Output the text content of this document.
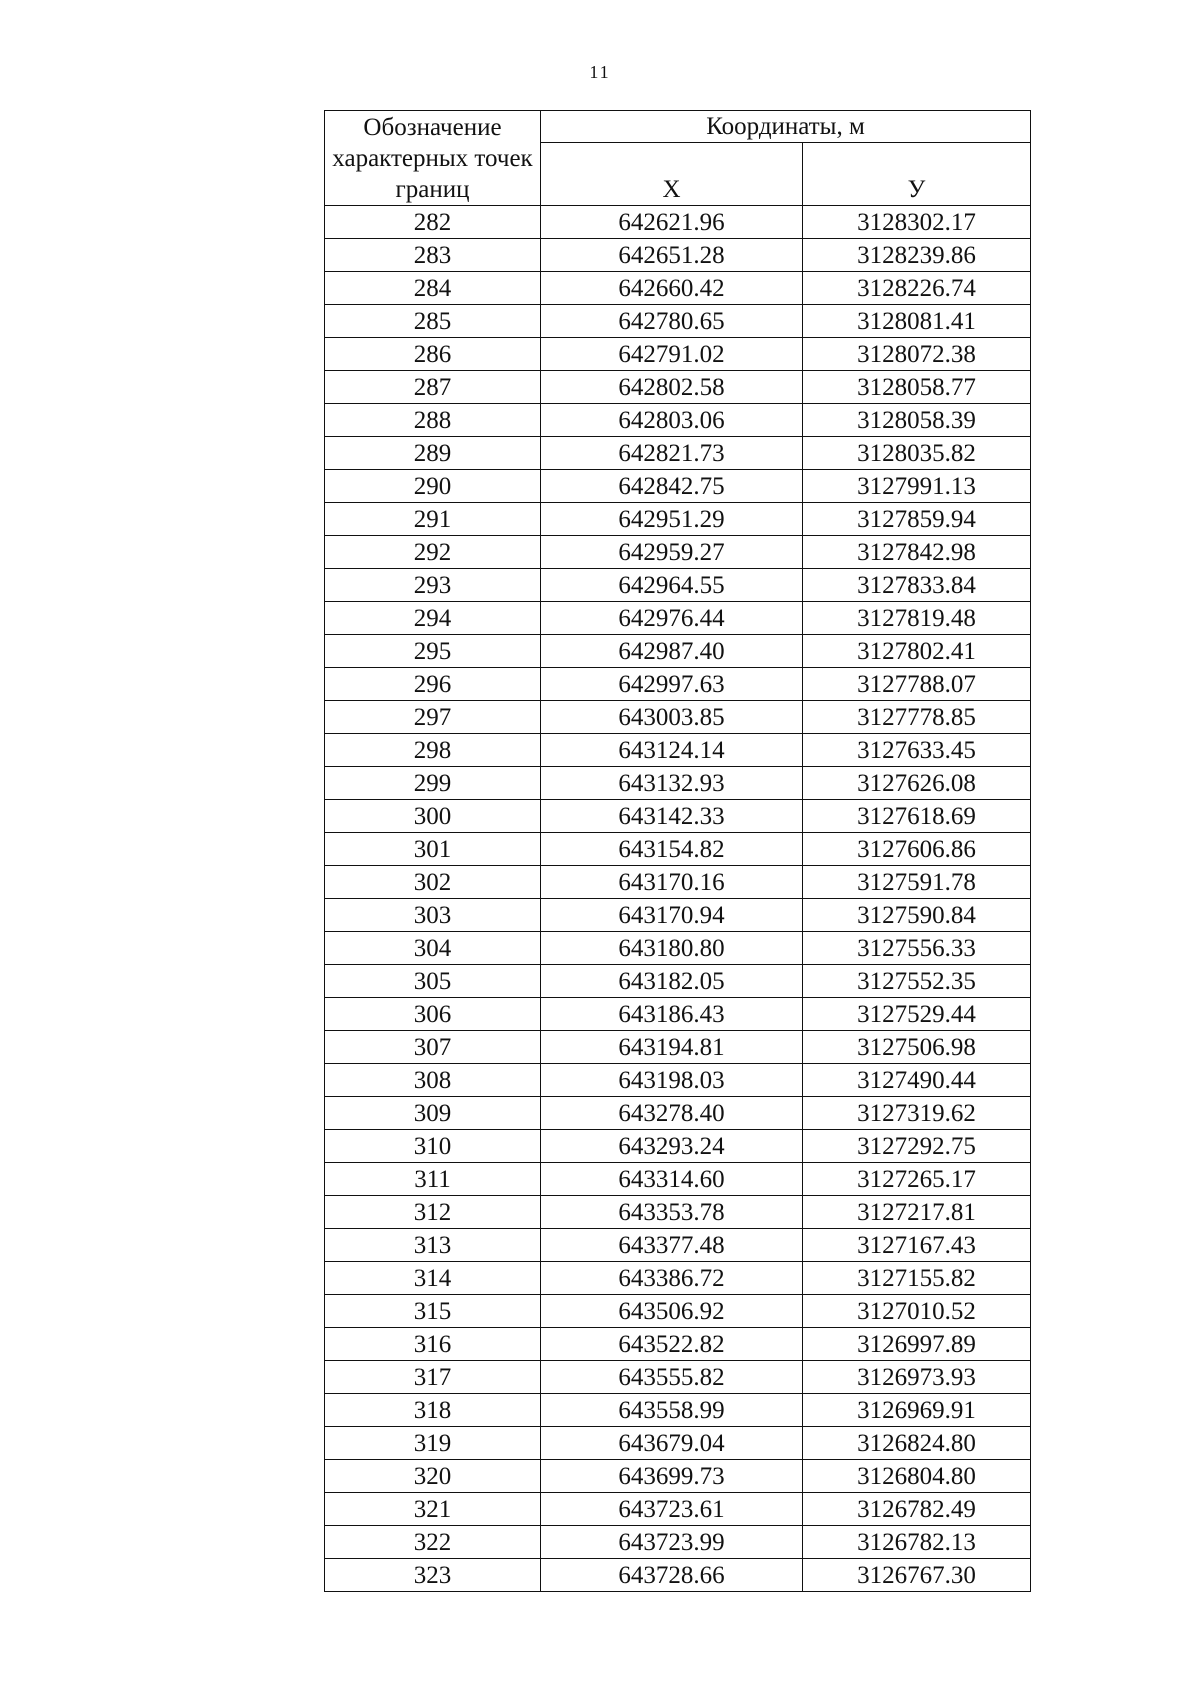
11
Обозначение характерных точек границ	Координаты, м	
	X	У
282	642621.96	3128302.17
283	642651.28	3128239.86
284	642660.42	3128226.74
285	642780.65	3128081.41
286	642791.02	3128072.38
287	642802.58	3128058.77
288	642803.06	3128058.39
289	642821.73	3128035.82
290	642842.75	3127991.13
291	642951.29	3127859.94
292	642959.27	3127842.98
293	642964.55	3127833.84
294	642976.44	3127819.48
295	642987.40	3127802.41
296	642997.63	3127788.07
297	643003.85	3127778.85
298	643124.14	3127633.45
299	643132.93	3127626.08
300	643142.33	3127618.69
301	643154.82	3127606.86
302	643170.16	3127591.78
303	643170.94	3127590.84
304	643180.80	3127556.33
305	643182.05	3127552.35
306	643186.43	3127529.44
307	643194.81	3127506.98
308	643198.03	3127490.44
309	643278.40	3127319.62
310	643293.24	3127292.75
311	643314.60	3127265.17
312	643353.78	3127217.81
313	643377.48	3127167.43
314	643386.72	3127155.82
315	643506.92	3127010.52
316	643522.82	3126997.89
317	643555.82	3126973.93
318	643558.99	3126969.91
319	643679.04	3126824.80
320	643699.73	3126804.80
321	643723.61	3126782.49
322	643723.99	3126782.13
323	643728.66	3126767.30
